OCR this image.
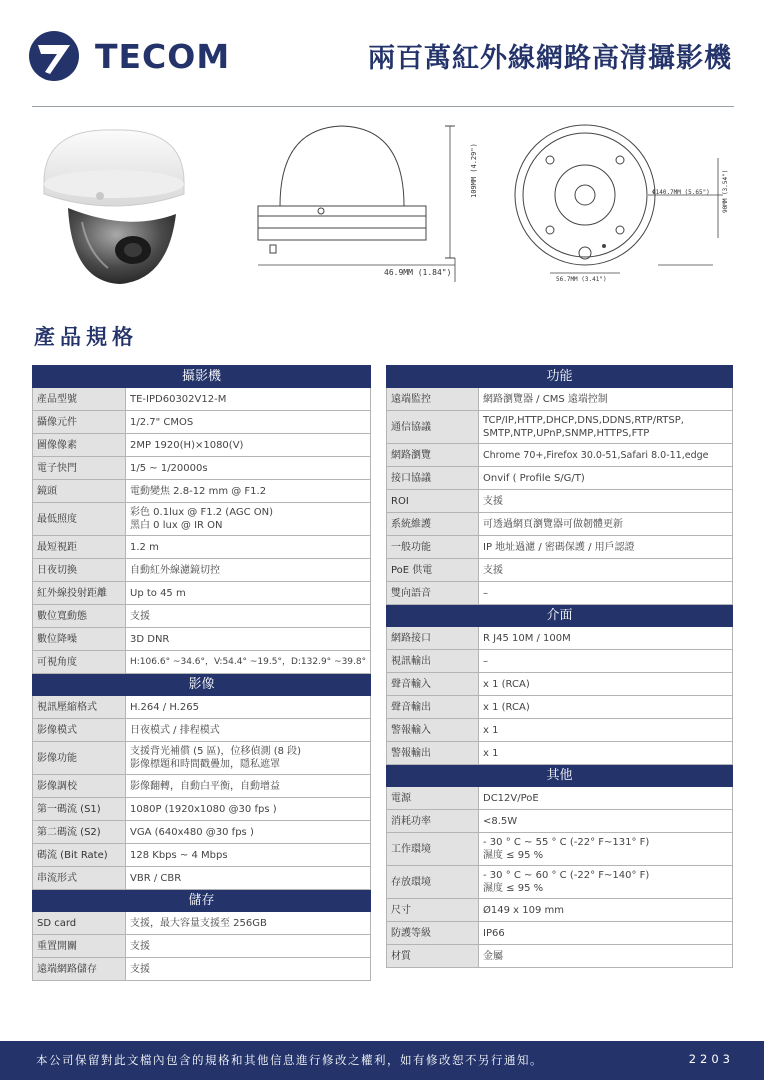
TECOM	兩百萬紅外線網路高清攝影機
109MM (4.29")
46.9MM (1.84")
Φ140.7MM (5.65") 90MM (3.54")
56.7MM (3.41")
產品規格
攝影機	
產品型號	TE-IPD60302V12-M
攝像元件	1/2.7" CMOS
圖像像素	2MP 1920(H)×1080(V)
電子快門	1/5 ~ 1/20000s
鏡頭	電動變焦 2.8-12 mm @ F1.2
最低照度	彩色 0.1lux @ F1.2 (AGC ON)
黑白 0 lux @ IR ON

最短視距	1.2 m
日夜切換	自動紅外線濾鏡切控
紅外線投射距離	Up to 45 m
數位寬動態	支援
數位降噪	3D DNR
可視角度	H:106.6° ~34.6°，V:54.4° ~19.5°，D:132.9° ~39.8°
影像	
視訊壓縮格式	H.264 / H.265
影像模式	日夜模式 / 排程模式
影像功能	支援背光補償 (5 區)，位移偵測 (8 段)
影像標題和時間戳疊加，隱私遮罩

影像調校	影像翻轉，自動白平衡，自動增益
第一碼流 (S1)	1080P (1920x1080 @30 fps )
第二碼流 (S2)	VGA (640x480 @30 fps )
碼流 (Bit Rate)	128 Kbps ~ 4 Mbps
串流形式	VBR / CBR
儲存	
SD card	支援，最大容量支援至 256GB
重置開關	支援
遠端網路儲存	支援
功能	
遠端監控	網路瀏覽器 / CMS 遠端控制
通信協議	TCP/IP,HTTP,DHCP,DNS,DDNS,RTP/RTSP,
SMTP,NTP,UPnP,SNMP,HTTPS,FTP

網路瀏覽	Chrome 70+,Firefox 30.0-51,Safari 8.0-11,edge
接口協議	Onvif ( Profile S/G/T)
ROI	支援
系統維護	可透過網頁瀏覽器可做韌體更新
一般功能	IP 地址過濾 / 密碼保護 / 用戶認證
PoE 供電	支援
雙向語音	–
介面	
網路接口	R J45 10M / 100M
視訊輸出	–
聲音輸入	x 1 (RCA)
聲音輸出	x 1 (RCA)
警報輸入	x 1
警報輸出	x 1
其他	
電源	DC12V/PoE
消耗功率	<8.5W
工作環境	- 30 ° C ~ 55 ° C (-22° F~131° F)
濕度 ≤ 95 %

存放環境	- 30 ° C ~ 60 ° C (-22° F~140° F)
濕度 ≤ 95 %

尺寸	Ø149 x 109 mm
防護等級	IP66
材質	金屬
本公司保留對此文檔內包含的規格和其他信息進行修改之權利，如有修改恕不另行通知。	2203
